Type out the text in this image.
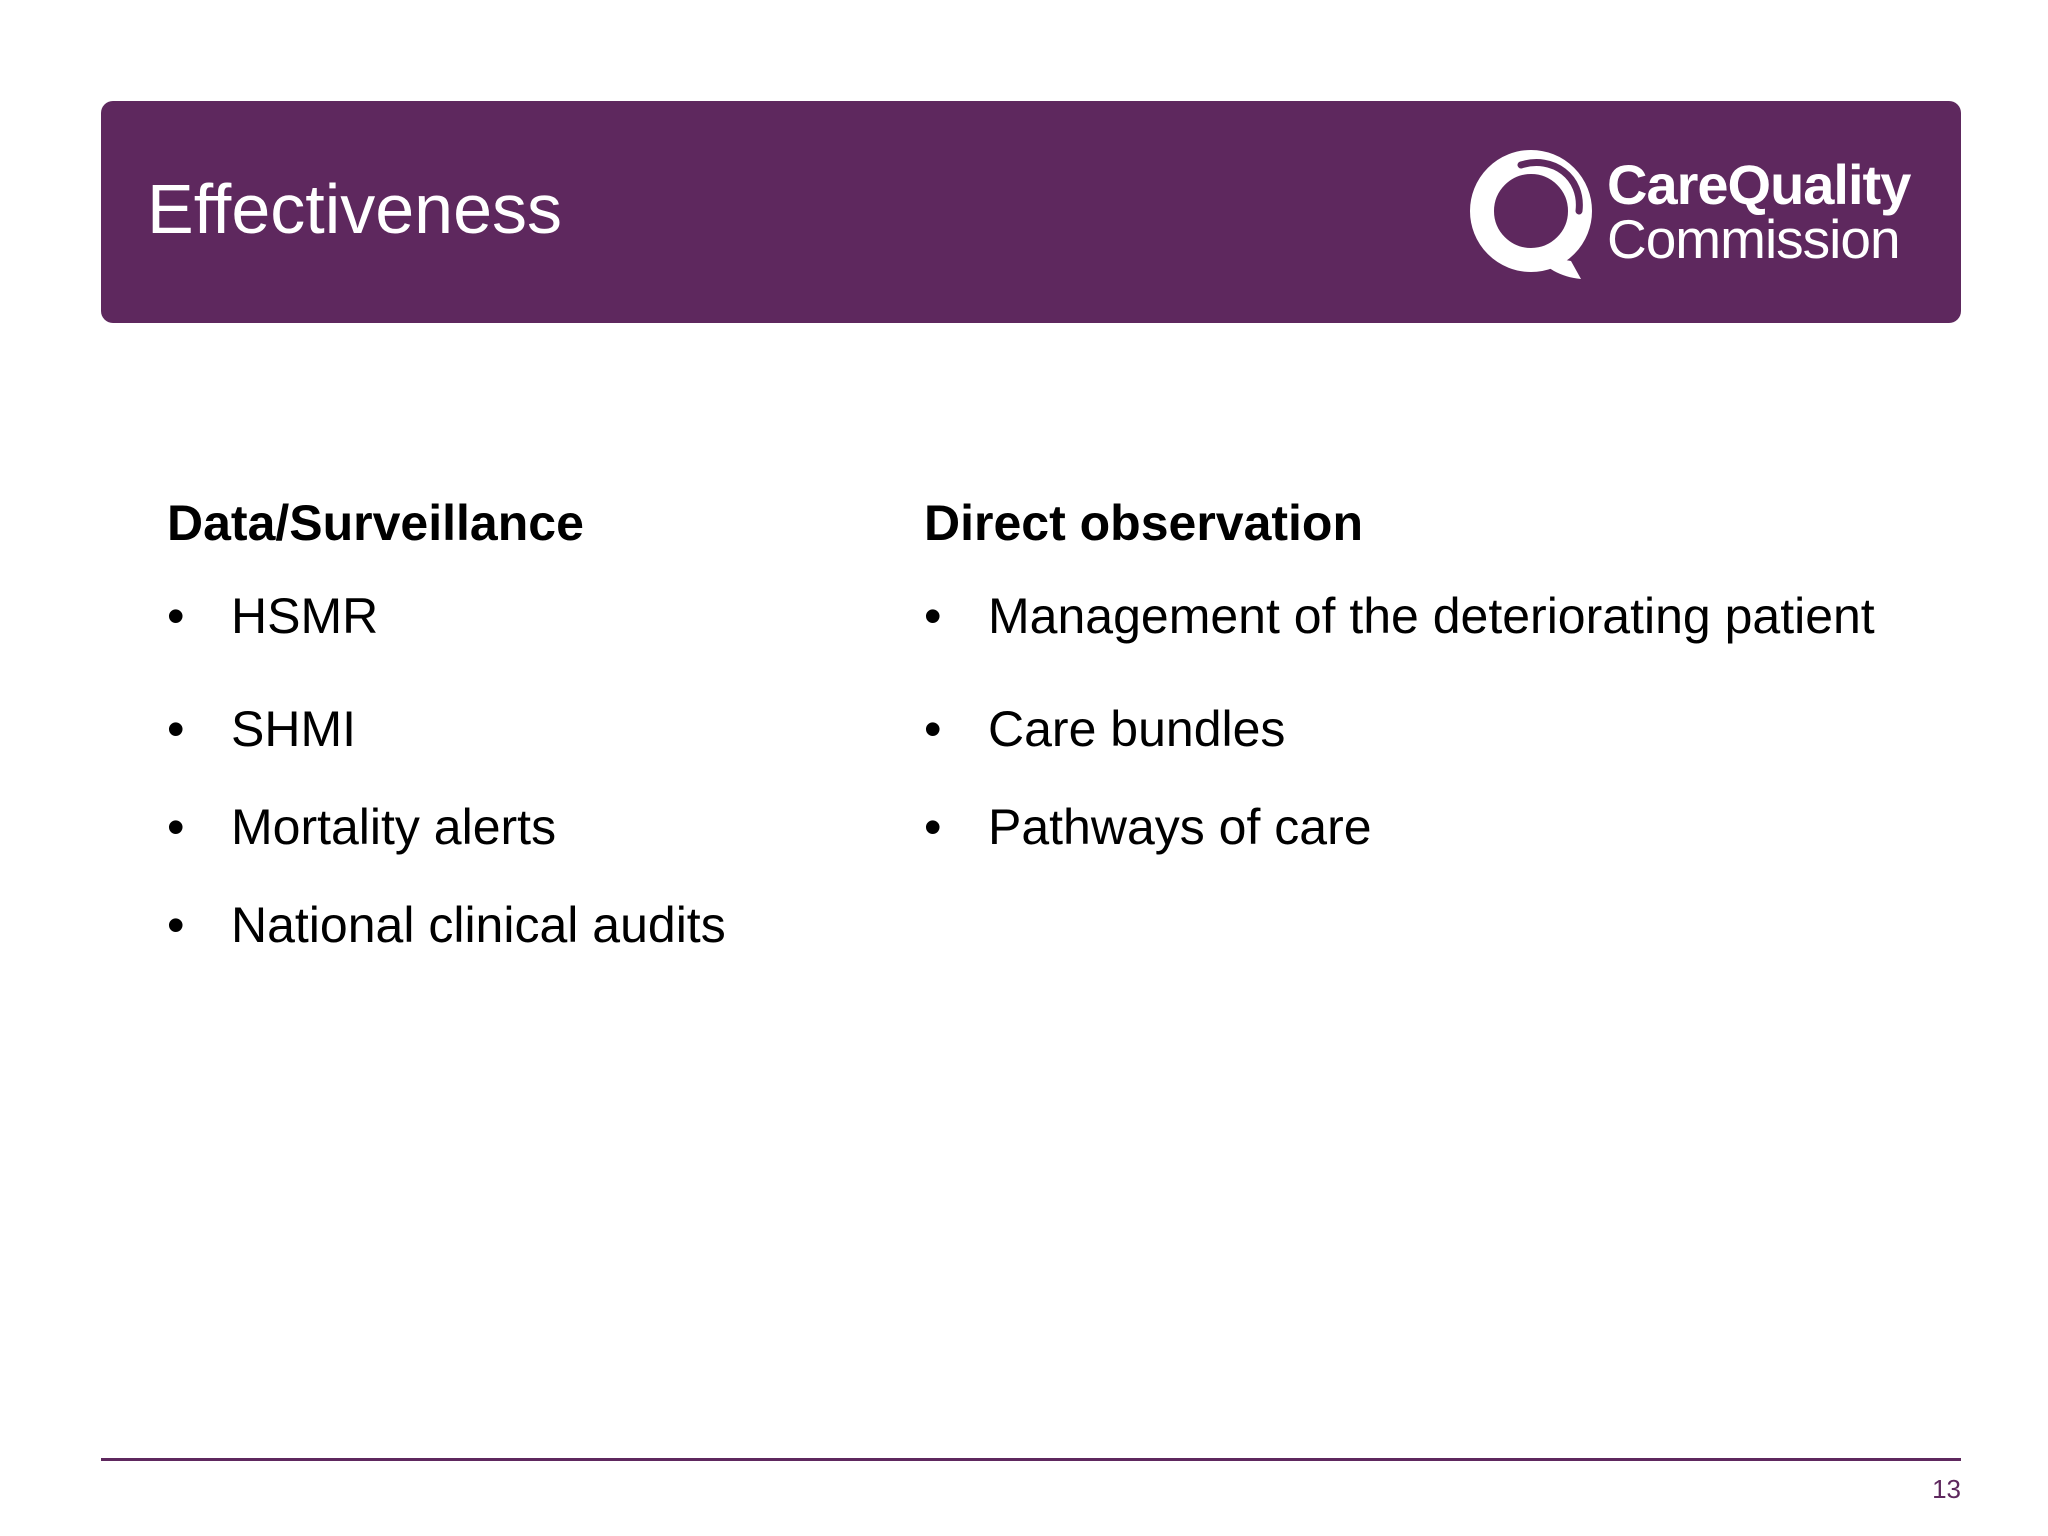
Effectiveness	CareQuality
Commission
Data/Surveillance
• HSMR
• SHMI
• Mortality alerts
• National clinical audits
Direct observation
• Management of the deteriorating patient
• Care bundles
• Pathways of care
13
